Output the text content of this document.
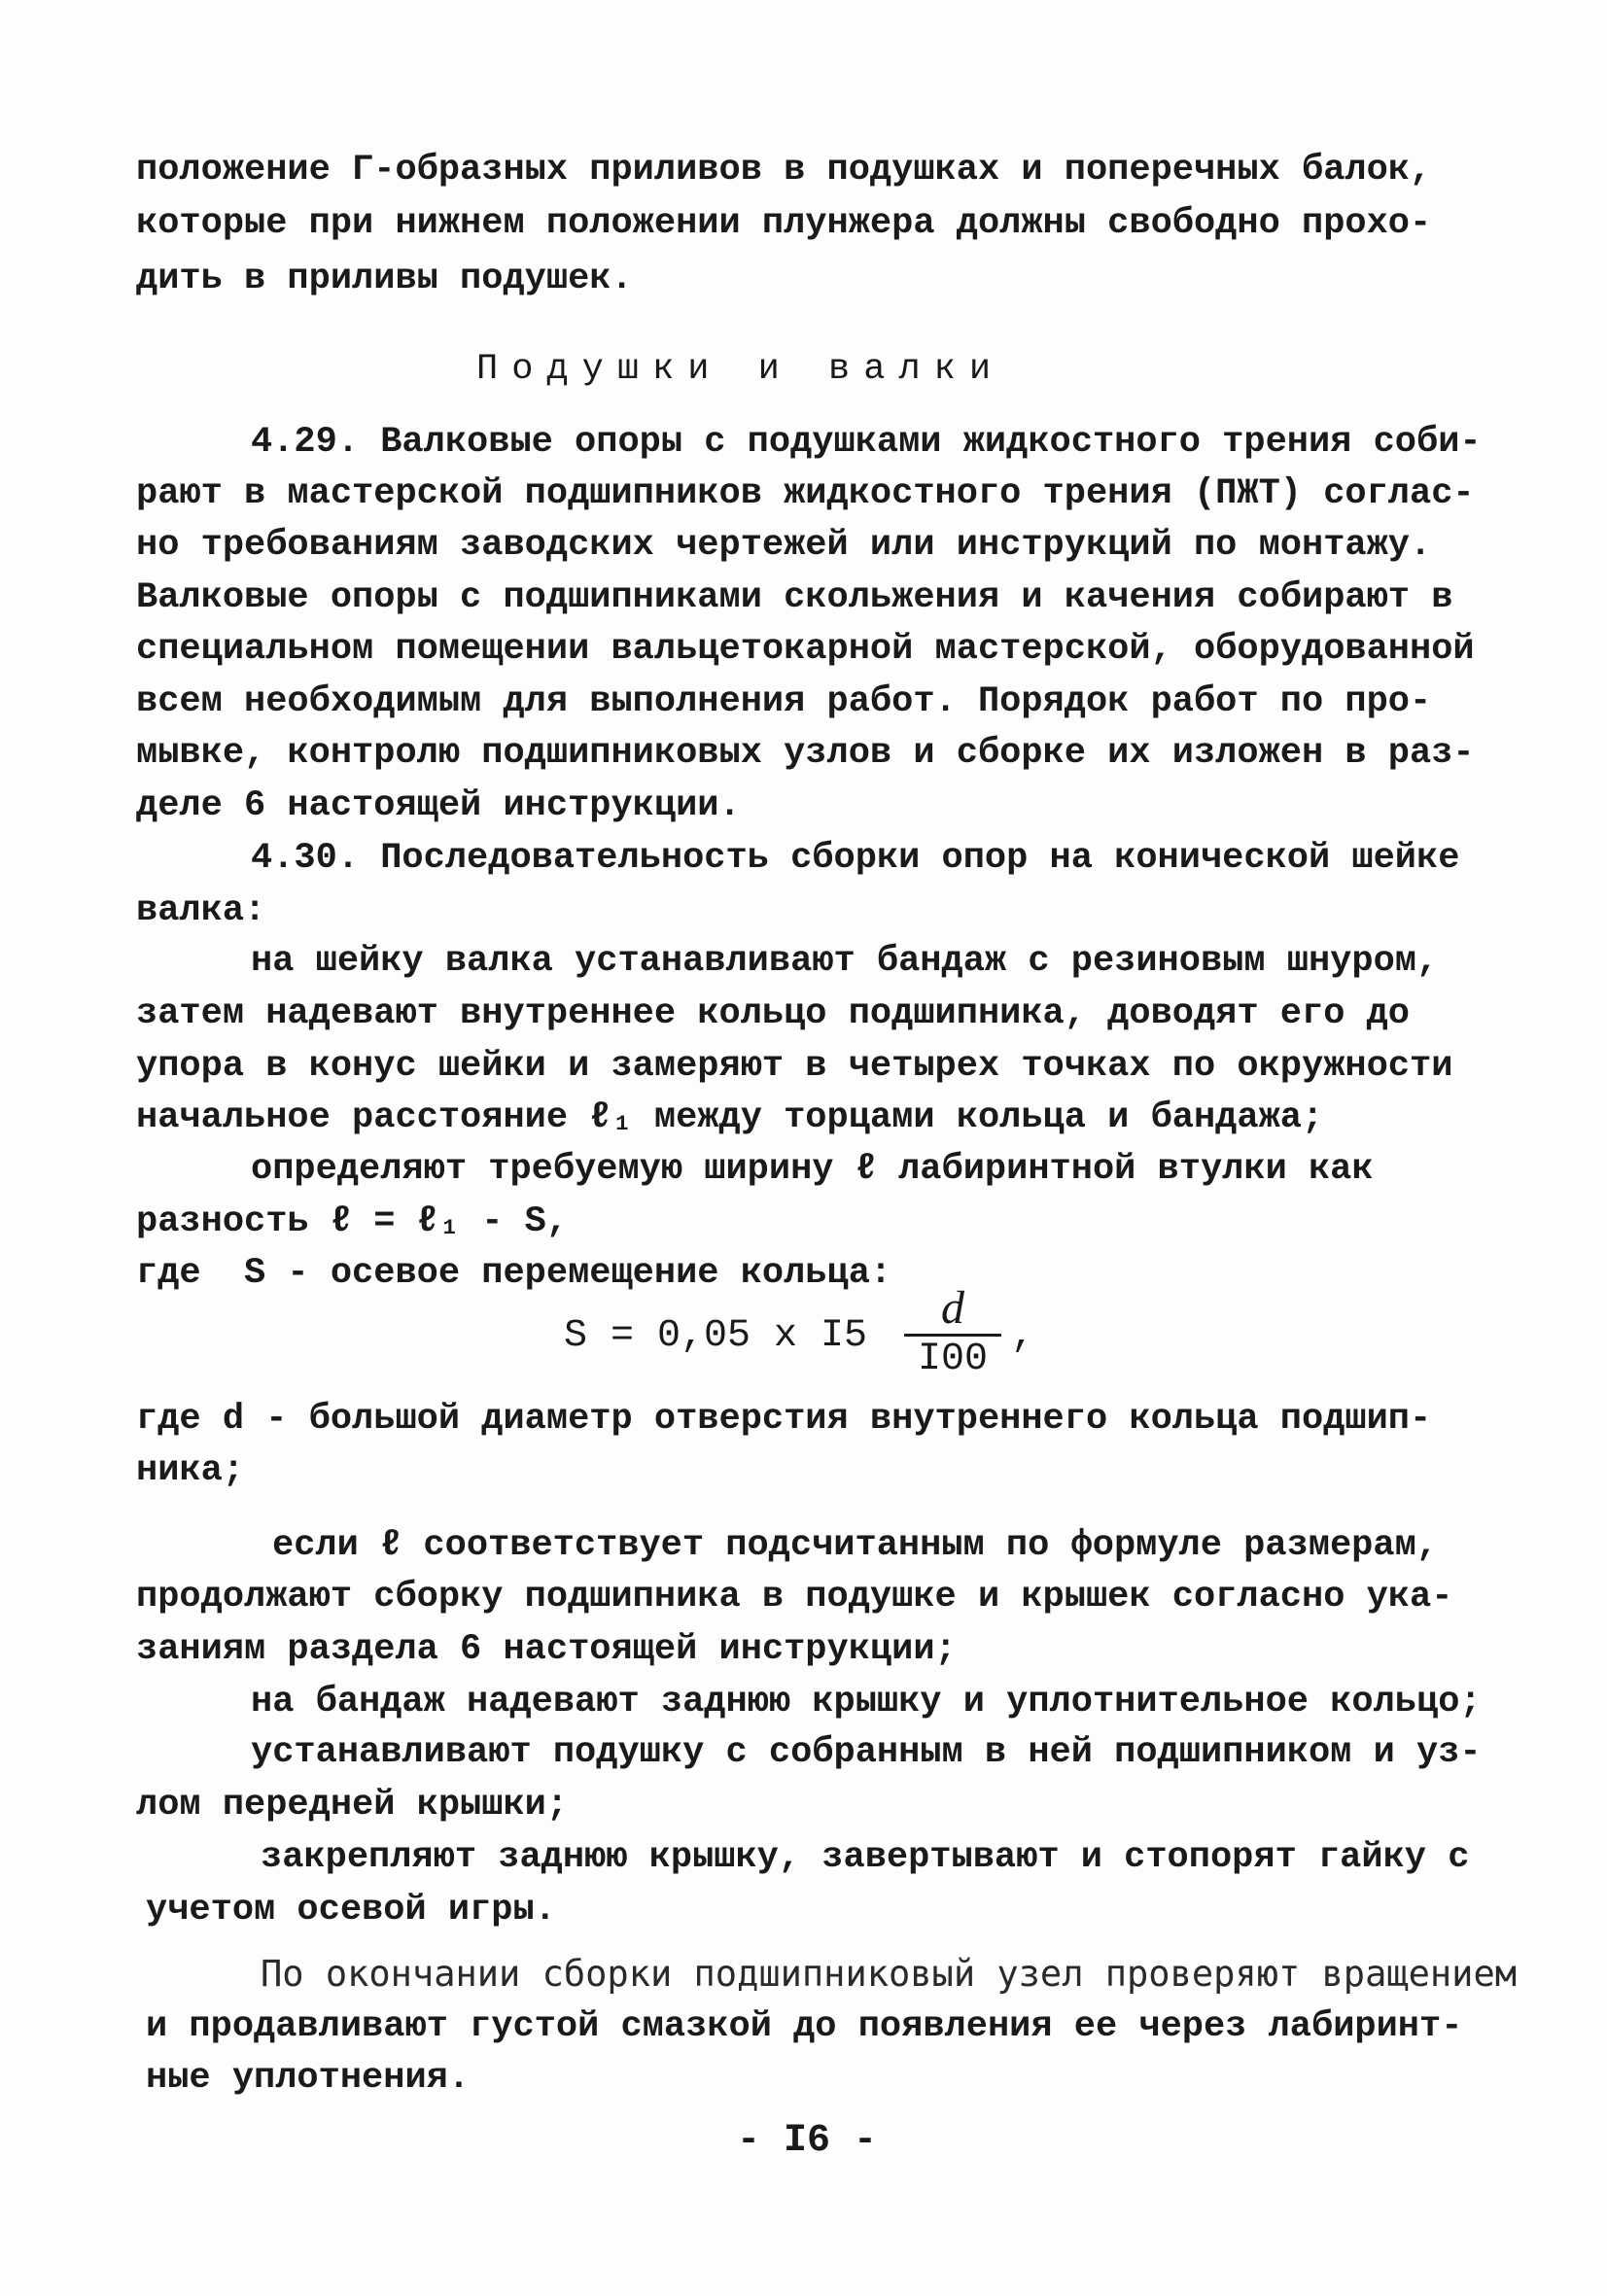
положение Г-образных приливов в подушках и поперечных балок,
которые при нижнем положении плунжера должны свободно прохо-
дить в приливы подушек.
Подушки и валки
4.29. Валковые опоры с подушками жидкостного трения соби-
рают в мастерской подшипников жидкостного трения (ПЖТ) соглас-
но требованиям заводских чертежей или инструкций по монтажу.
Валковые опоры с подшипниками скольжения и качения собирают в
специальном помещении вальцетокарной мастерской, оборудованной
всем необходимым для выполнения работ. Порядок работ по про-
мывке, контролю подшипниковых узлов и сборке их изложен в раз-
деле 6 настоящей инструкции.
4.30. Последовательность сборки опор на конической шейке
валка:
на шейку валка устанавливают бандаж с резиновым шнуром,
затем надевают внутреннее кольцо подшипника, доводят его до
упора в конус шейки и замеряют в четырех точках по окружности
начальное расстояние ℓ₁ между торцами кольца и бандажа;
определяют требуемую ширину ℓ лабиринтной втулки как
разность ℓ = ℓ₁ - S,
где  S - осевое перемещение кольца:
S = 0,05 x I5
где d - большой диаметр отверстия внутреннего кольца подшип-
ника;
если ℓ соответствует подсчитанным по формуле размерам,
продолжают сборку подшипника в подушке и крышек согласно ука-
заниям раздела 6 настоящей инструкции;
на бандаж надевают заднюю крышку и уплотнительное кольцо;
устанавливают подушку с собранным в ней подшипником и уз-
лом передней крышки;
закрепляют заднюю крышку, завертывают и стопорят гайку с
учетом осевой игры.
По окончании сборки подшипниковый узел проверяют вращением
и продавливают густой смазкой до появления ее через лабиринт-
ные уплотнения.
d
I00
,
- I6 -
